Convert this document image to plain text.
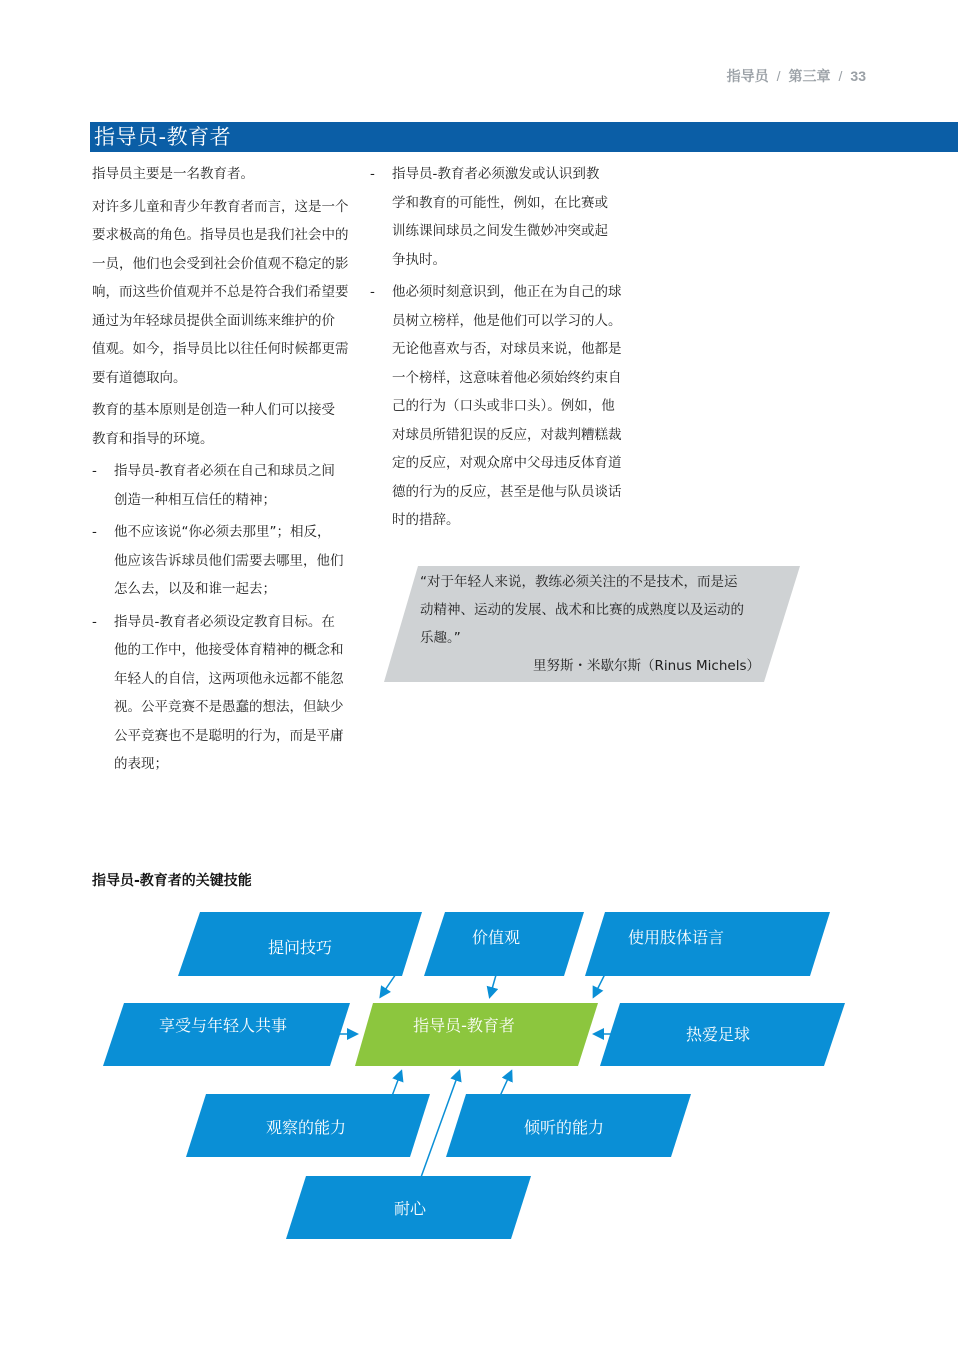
指导员 / 第三章 / 33
指导员-教育者

指导员主要是一名教育者。

对许多儿童和青少年教育者而言，这是一个

要求极高的角色。指导员也是我们社会中的

一员，他们也会受到社会价值观不稳定的影

响，而这些价值观并不总是符合我们希望要

通过为年轻球员提供全面训练来维护的价

值观。如今，指导员比以往任何时候都更需

要有道德取向。

教育的基本原则是创造一种人们可以接受

教育和指导的环境。

- 指导员-教育者必须在自己和球员之间

创造一种相互信任的精神；

- 他不应该说“你必须去那里”；相反，

他应该告诉球员他们需要去哪里，他们

怎么去，以及和谁一起去；

- 指导员-教育者必须设定教育目标。在

他的工作中，他接受体育精神的概念和

年轻人的自信，这两项他永远都不能忽

视。公平竞赛不是愚蠢的想法，但缺少

公平竞赛也不是聪明的行为，而是平庸

的表现；

- 指导员-教育者必须激发或认识到教

学和教育的可能性，例如，在比赛或

训练课间球员之间发生微妙冲突或起

争执时。

- 他必须时刻意识到，他正在为自己的球

员树立榜样，他是他们可以学习的人。

无论他喜欢与否，对球员来说，他都是

一个榜样，这意味着他必须始终约束自

己的行为（口头或非口头）。例如，他

对球员所错犯误的反应，对裁判糟糕裁

定的反应，对观众席中父母违反体育道

德的行为的反应，甚至是他与队员谈话

时的措辞。

“对于年轻人来说，教练必须关注的不是技术，而是运
动精神、运动的发展、战术和比赛的成熟度以及运动的
乐趣。”
里努斯・米歇尔斯（Rinus Michels）
指导员-教育者的关键技能
提问技巧
价值观	使用肢体语言
享受与年轻人共事	指导员-教育者	热爱足球
观察的能力	倾听的能力
耐心
